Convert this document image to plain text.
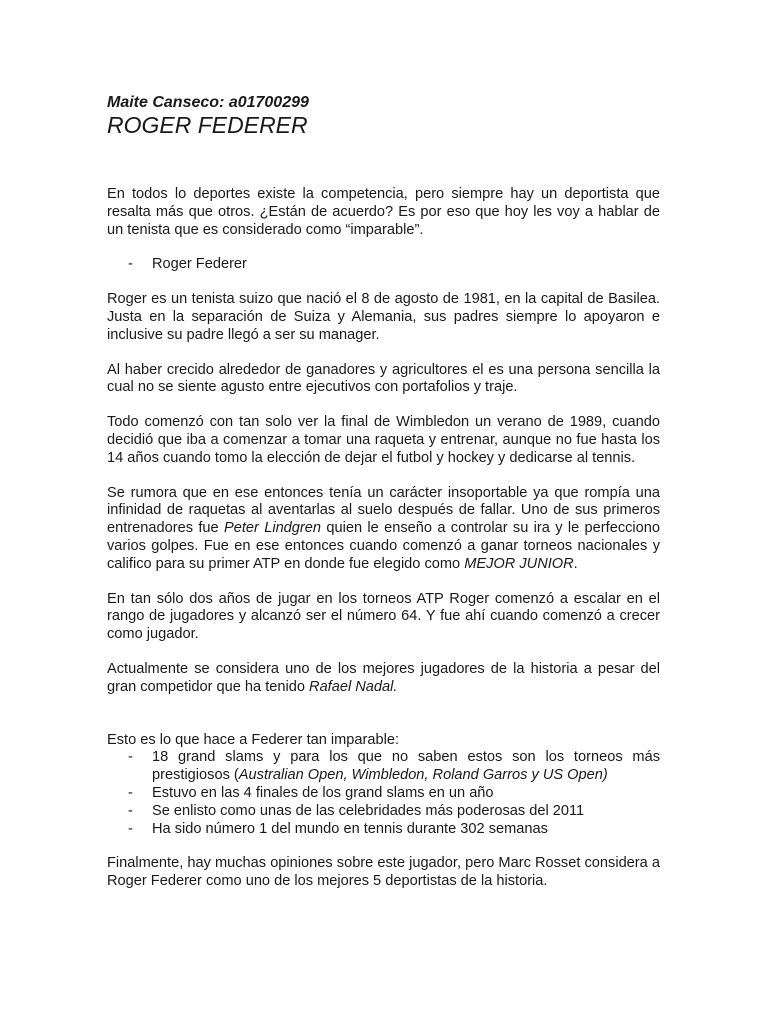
Maite Canseco: a01700299

ROGER FEDERER

En todos lo deportes existe la competencia, pero siempre hay un deportista que resalta más que otros. ¿Están de acuerdo? Es por eso que hoy les voy a hablar de un tenista que es considerado como “imparable”.

- Roger Federer

Roger es un tenista suizo que nació el 8 de agosto de 1981, en la capital de Basilea. Justa en la separación de Suiza y Alemania, sus padres siempre lo apoyaron e inclusive su padre llegó a ser su manager.

Al haber crecido alrededor de ganadores y agricultores el es una persona sencilla la cual no se siente agusto entre ejecutivos con portafolios y traje.

Todo comenzó con tan solo ver la final de Wimbledon un verano de 1989, cuando decidió que iba a comenzar a tomar una raqueta y entrenar, aunque no fue hasta los 14 años cuando tomo la elección de dejar el futbol y hockey y dedicarse al tennis.

Se rumora que en ese entonces tenía un carácter insoportable ya que rompía una infinidad de raquetas al aventarlas al suelo después de fallar. Uno de sus primeros entrenadores fue Peter Lindgren quien le enseño a controlar su ira y le perfecciono varios golpes. Fue en ese entonces cuando comenzó a ganar torneos nacionales y califico para su primer ATP en donde fue elegido como MEJOR JUNIOR.

En tan sólo dos años de jugar en los torneos ATP Roger comenzó a escalar en el rango de jugadores y alcanzó ser el número 64. Y fue ahí cuando comenzó a crecer como jugador.

Actualmente se considera uno de los mejores jugadores de la historia a pesar del gran competidor que ha tenido Rafael Nadal.

Esto es lo que hace a Federer tan imparable:

- 18 grand slams y para los que no saben estos son los torneos más prestigiosos (Australian Open, Wimbledon, Roland Garros y US Open)
- Estuvo en las 4 finales de los grand slams en un año
- Se enlisto como unas de las celebridades más poderosas del 2011
- Ha sido número 1 del mundo en tennis durante 302 semanas

Finalmente, hay muchas opiniones sobre este jugador, pero Marc Rosset considera a Roger Federer como uno de los mejores 5 deportistas de la historia.
